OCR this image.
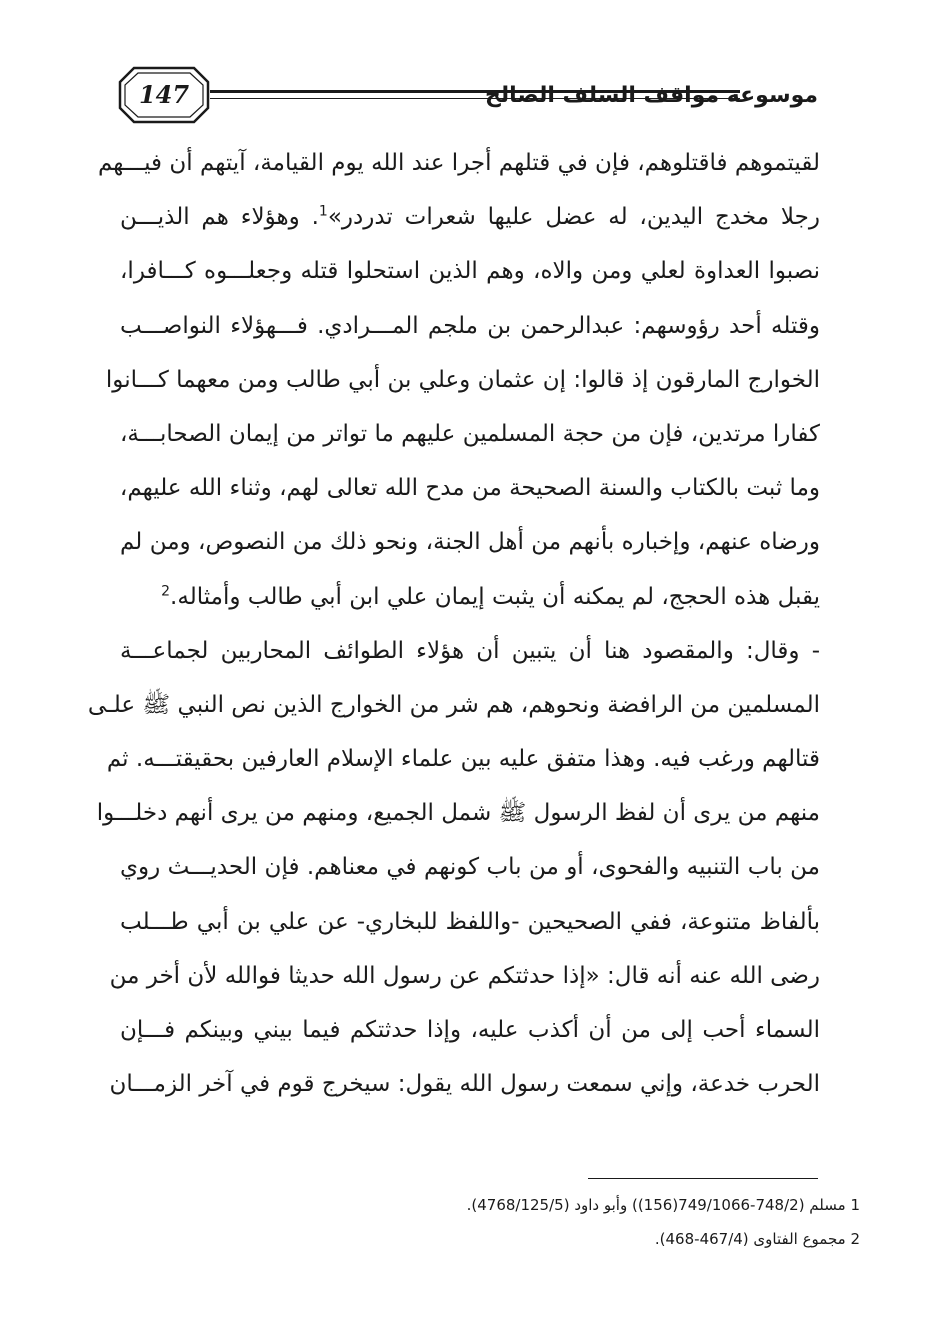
147	موسوعة مواقف السلف الصالح
لقيتموهم فاقتلوهم، فإن في قتلهم أجرا عند الله يوم القيامة، آيتهم أن فيـــهم
رجلا مخدج اليدين، له عضل عليها شعرات تدردر»$^1$. وهؤلاء هم الذيـــن
نصبوا العداوة لعلي ومن والاه، وهم الذين استحلوا قتله وجعلـــوه كـــافرا،
وقتله أحد رؤوسهم: عبدالرحمن بن ملجم المـــرادي. فـــهؤلاء النواصـــب
الخوارج المارقون إذ قالوا: إن عثمان وعلي بن أبي طالب ومن معهما كـــانوا
كفارا مرتدين، فإن من حجة المسلمين عليهم ما تواتر من إيمان الصحابـــة،
وما ثبت بالكتاب والسنة الصحيحة من مدح الله تعالى لهم، وثناء الله عليهم،
ورضاه عنهم، وإخباره بأنهم من أهل الجنة، ونحو ذلك من النصوص، ومن لم
يقبل هذه الحجج، لم يمكنه أن يثبت إيمان علي ابن أبي طالب وأمثاله.$^2$
- وقال: والمقصود هنا أن يتبين أن هؤلاء الطوائف المحاربين لجماعـــة
المسلمين من الرافضة ونحوهم، هم شر من الخوارج الذين نص النبي ﷺ علـى
قتالهم ورغب فيه. وهذا متفق عليه بين علماء الإسلام العارفين بحقيقتـــه. ثم
منهم من يرى أن لفظ الرسول ﷺ شمل الجميع، ومنهم من يرى أنهم دخلـــوا
من باب التنبيه والفحوى، أو من باب كونهم في معناهم. فإن الحديـــث روي
بألفاظ متنوعة، ففي الصحيحين -واللفظ للبخاري- عن علي بن أبي طـــلب
رضى الله عنه أنه قال: «إذا حدثتكم عن رسول الله حديثا فوالله لأن أخر من
السماء أحب إلى من أن أكذب عليه، وإذا حدثتكم فيما بيني وبينكم فـــإن
الحرب خدعة، وإني سمعت رسول الله يقول: سيخرج قوم في آخر الزمـــان
1 مسلم (748/2-749/1066(156)) وأبو داود (4768/125/5).
2 مجموع الفتاوى (467/4-468).
